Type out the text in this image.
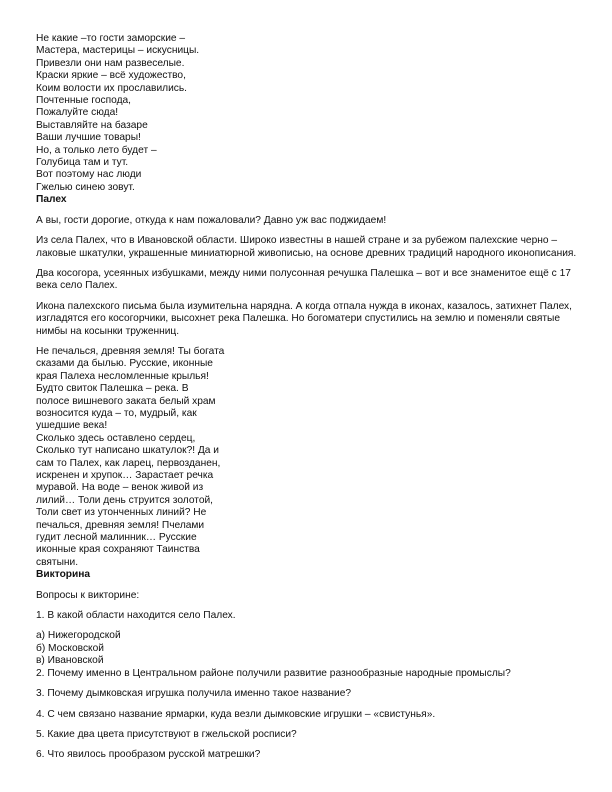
Не какие –то гости заморские –
Мастера, мастерицы – искусницы.
Привезли они нам развеселые.
Краски яркие – всё художество,
Коим волости их прославились.
Почтенные господа,
Пожалуйте сюда!
Выставляйте на базаре
Ваши лучшие товары!
Но, а только лето будет –
Голубица там и тут.
Вот поэтому нас люди
Гжелью синею зовут.
Палех
А вы, гости дорогие, откуда к нам пожаловали? Давно уж вас поджидаем!
Из села Палех, что в Ивановской области. Широко известны в нашей стране и за рубежом палехские черно –
лаковые шкатулки, украшенные миниатюрной живописью, на основе древних традиций народного иконописания.
Два косогора, усеянных избушками, между ними полусонная речушка Палешка – вот и все знаменитое ещё с 17
века село Палех.
Икона палехского письма была изумительна нарядна. А когда отпала нужда в иконах, казалось, затихнет Палех,
изгладятся его косогорчики, высохнет река Палешка. Но богоматери спустились на землю и поменяли святые
нимбы на косынки труженниц.
Не печалься, древняя земля! Ты богата
сказами да былью. Русские, иконные
края Палеха несломленные крылья!
Будто свиток Палешка – река. В
полосе вишневого заката белый храм
возносится куда – то, мудрый, как
ушедшие века!
Сколько здесь оставлено сердец,
Сколько тут написано шкатулок?! Да и
сам то Палех, как ларец, первозданен,
искренен и хрупок… Зарастает речка
муравой. На воде – венок живой из
лилий… Толи день струится золотой,
Толи свет из утонченных линий? Не
печалься, древняя земля! Пчелами
гудит лесной малинник… Русские
иконные края сохраняют Таинства
святыни.
Викторина
Вопросы к викторине:
1. В какой области находится село Палех.
а) Нижегородской
б) Московской
в) Ивановской
2. Почему именно в Центральном районе получили развитие разнообразные народные промыслы?
3. Почему дымковская игрушка получила именно такое название?
4. С чем связано название ярмарки, куда везли дымковские игрушки – «свистунья».
5. Какие два цвета присутствуют в гжельской росписи?
6. Что явилось прообразом русской матрешки?
